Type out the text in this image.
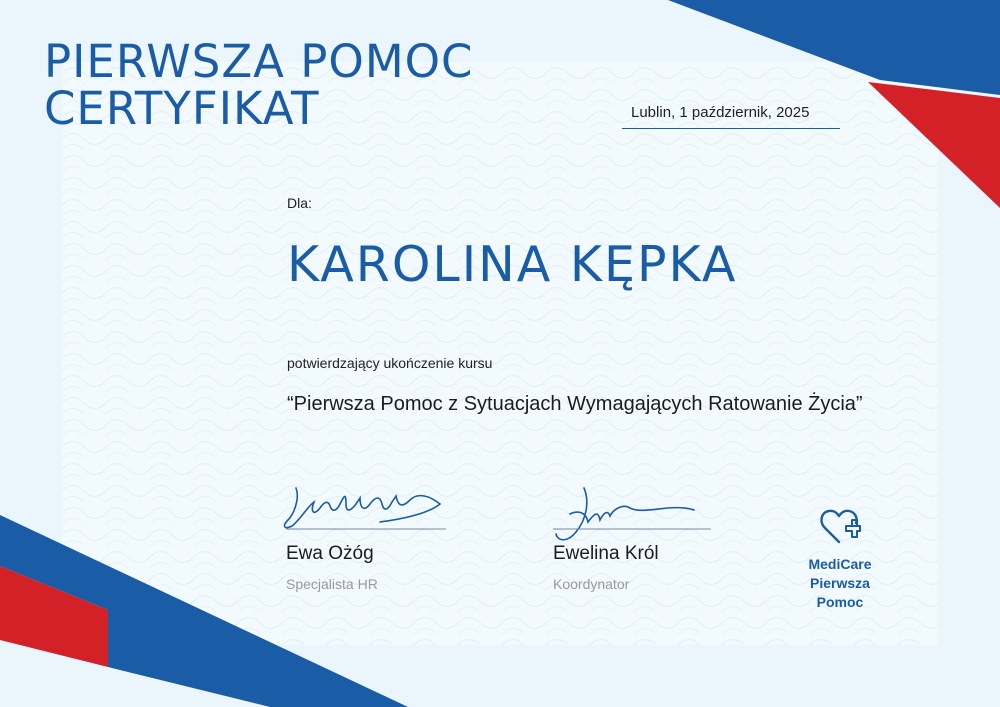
PIERWSZA POMOC
CERTYFIKAT	Lublin, 1 październik, 2025
Dla:
KAROLINA KĘPKA
potwierdzający ukończenie kursu
“Pierwsza Pomoc z Sytuacjach Wymagających Ratowanie Życia”
Ewa Ożóg
Specjalista HR
Ewelina Król
Koordynator
MediCare
Pierwsza
Pomoc
